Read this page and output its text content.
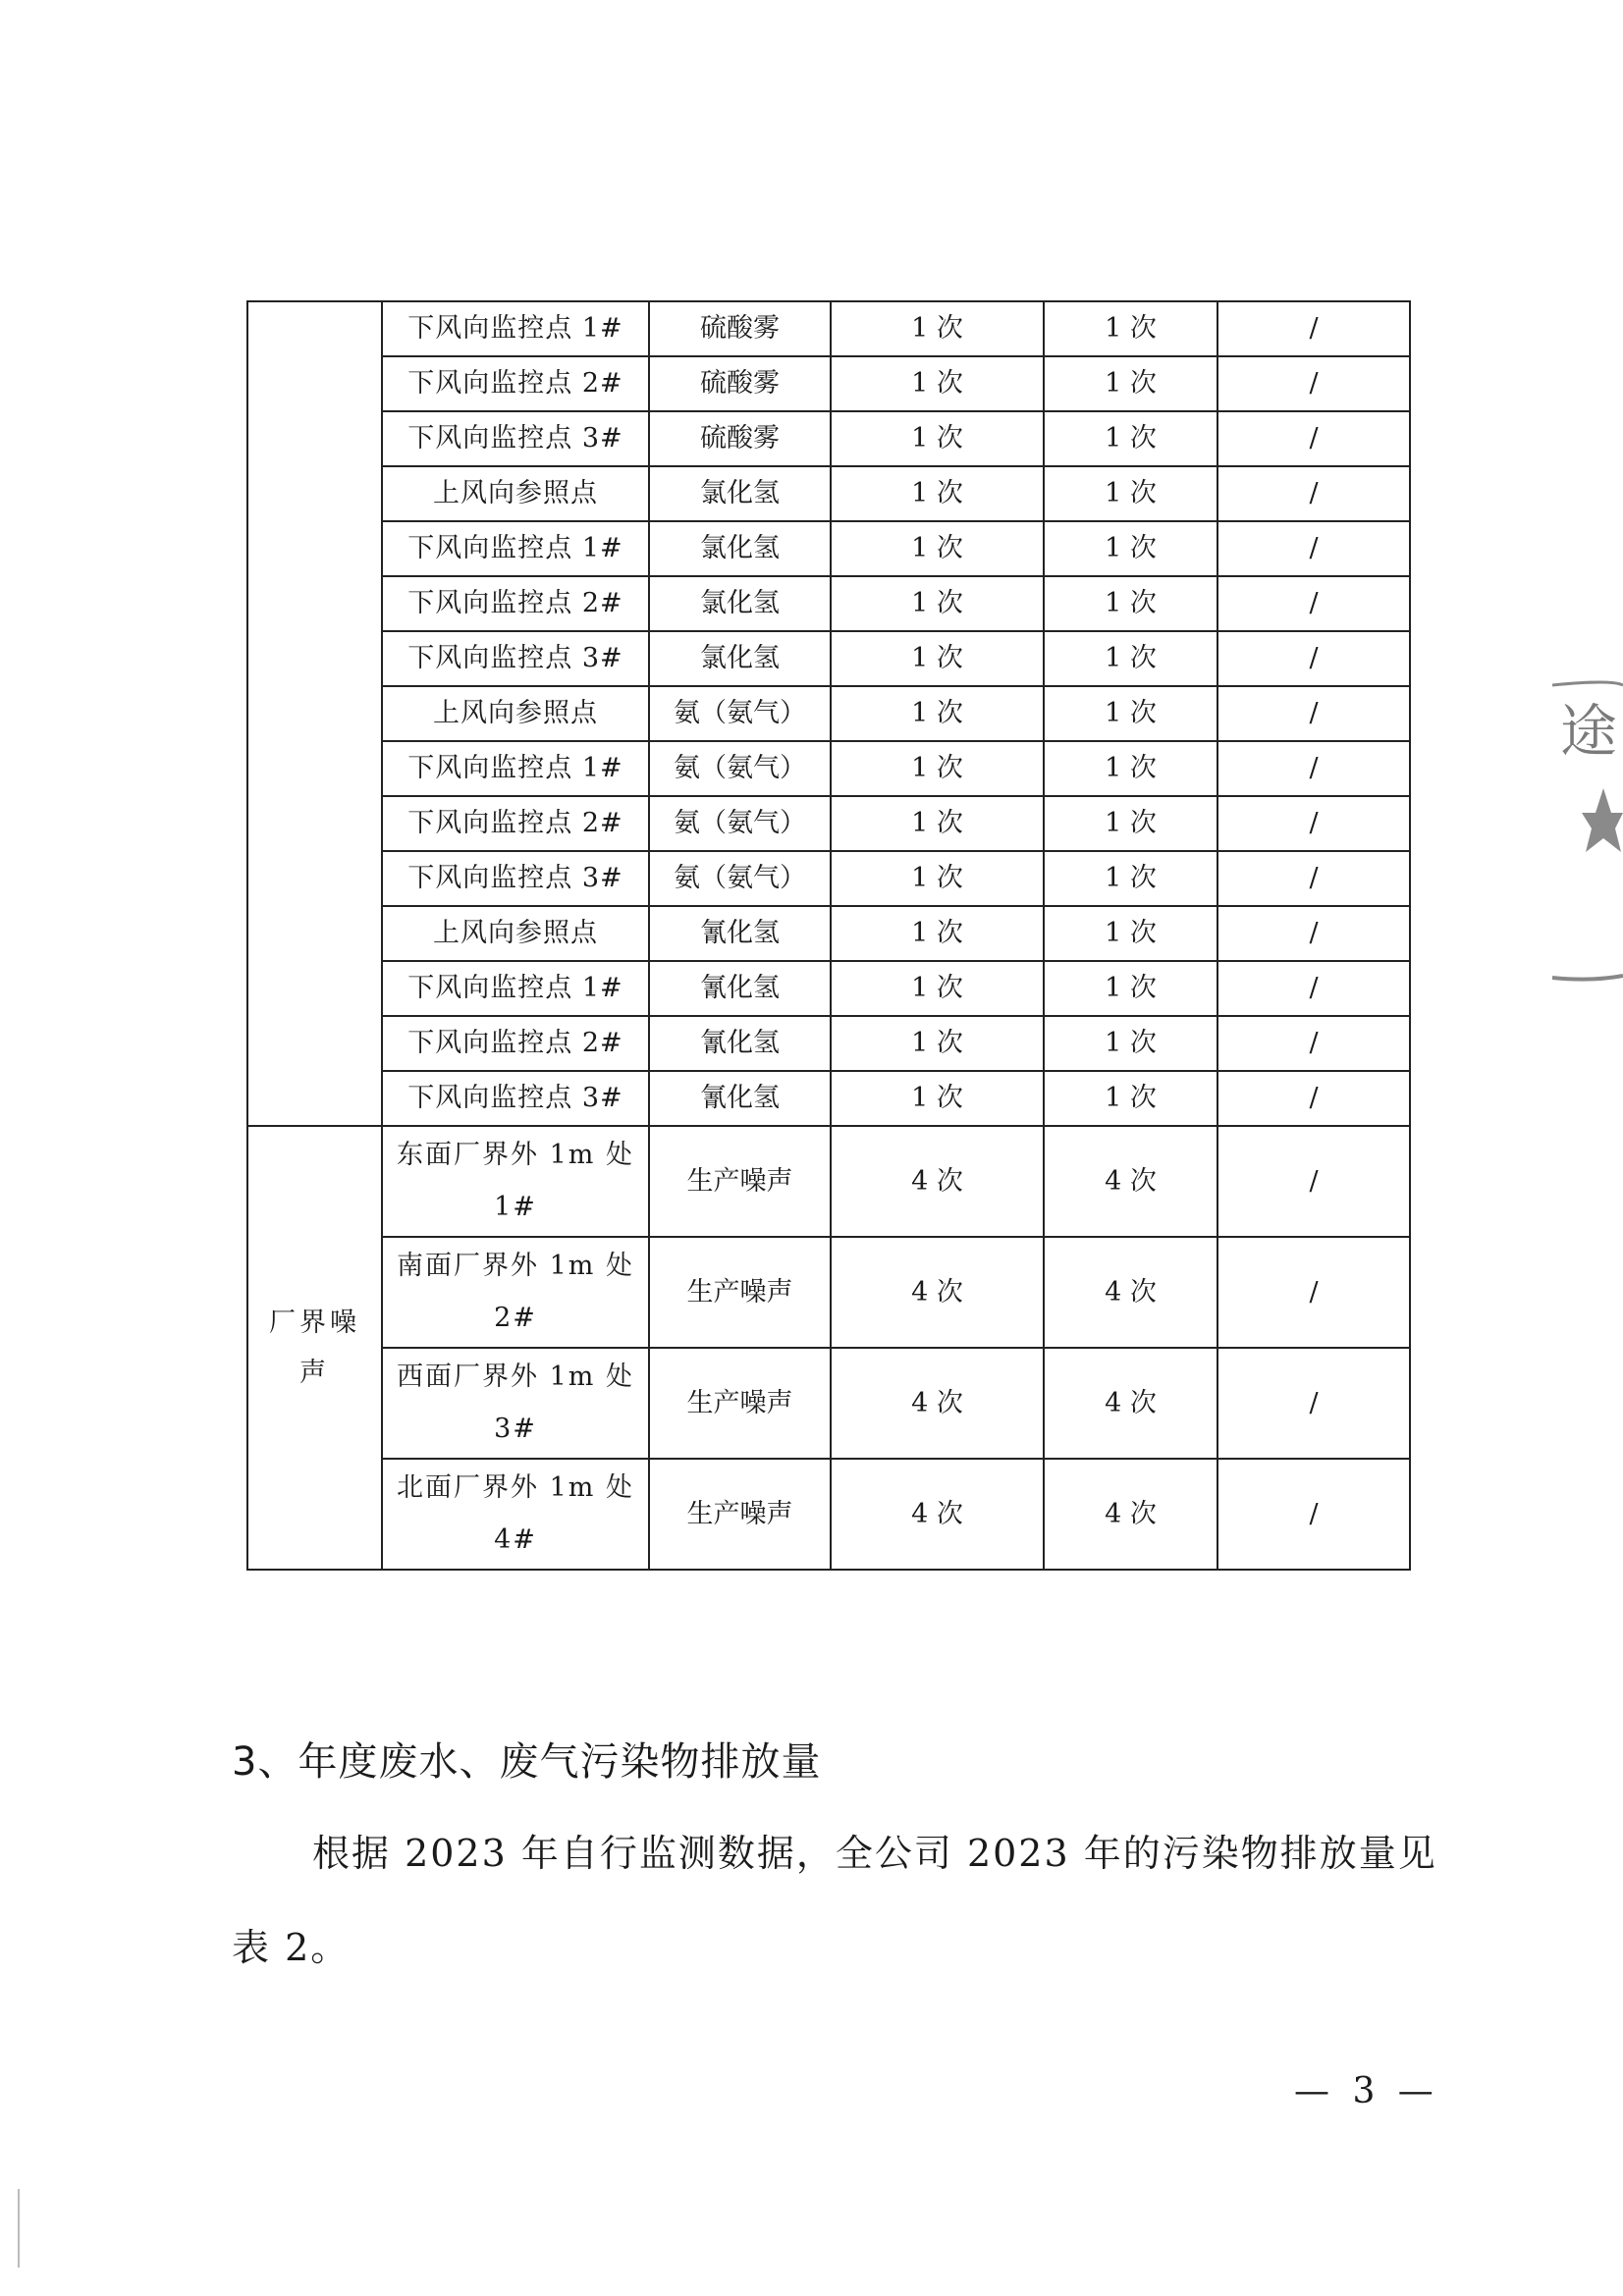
	下风向监控点 1#	硫酸雾	1 次	1 次	/
	下风向监控点 2#	硫酸雾	1 次	1 次	/
	下风向监控点 3#	硫酸雾	1 次	1 次	/
	上风向参照点	氯化氢	1 次	1 次	/
	下风向监控点 1#	氯化氢	1 次	1 次	/
	下风向监控点 2#	氯化氢	1 次	1 次	/
	下风向监控点 3#	氯化氢	1 次	1 次	/
	上风向参照点	氨（氨气）	1 次	1 次	/
	下风向监控点 1#	氨（氨气）	1 次	1 次	/
	下风向监控点 2#	氨（氨气）	1 次	1 次	/
	下风向监控点 3#	氨（氨气）	1 次	1 次	/
	上风向参照点	氰化氢	1 次	1 次	/
	下风向监控点 1#	氰化氢	1 次	1 次	/
	下风向监控点 2#	氰化氢	1 次	1 次	/
	下风向监控点 3#	氰化氢	1 次	1 次	/
厂界噪声	东面厂界外 1m 处 1#	生产噪声	4 次	4 次	/
	南面厂界外 1m 处 2#	生产噪声	4 次	4 次	/
	西面厂界外 1m 处 3#	生产噪声	4 次	4 次	/
	北面厂界外 1m 处 4#	生产噪声	4 次	4 次	/
3、年度废水、废气污染物排放量

根据 2023 年自行监测数据，全公司 2023 年的污染物排放量见表 2。

— 3 —
途
